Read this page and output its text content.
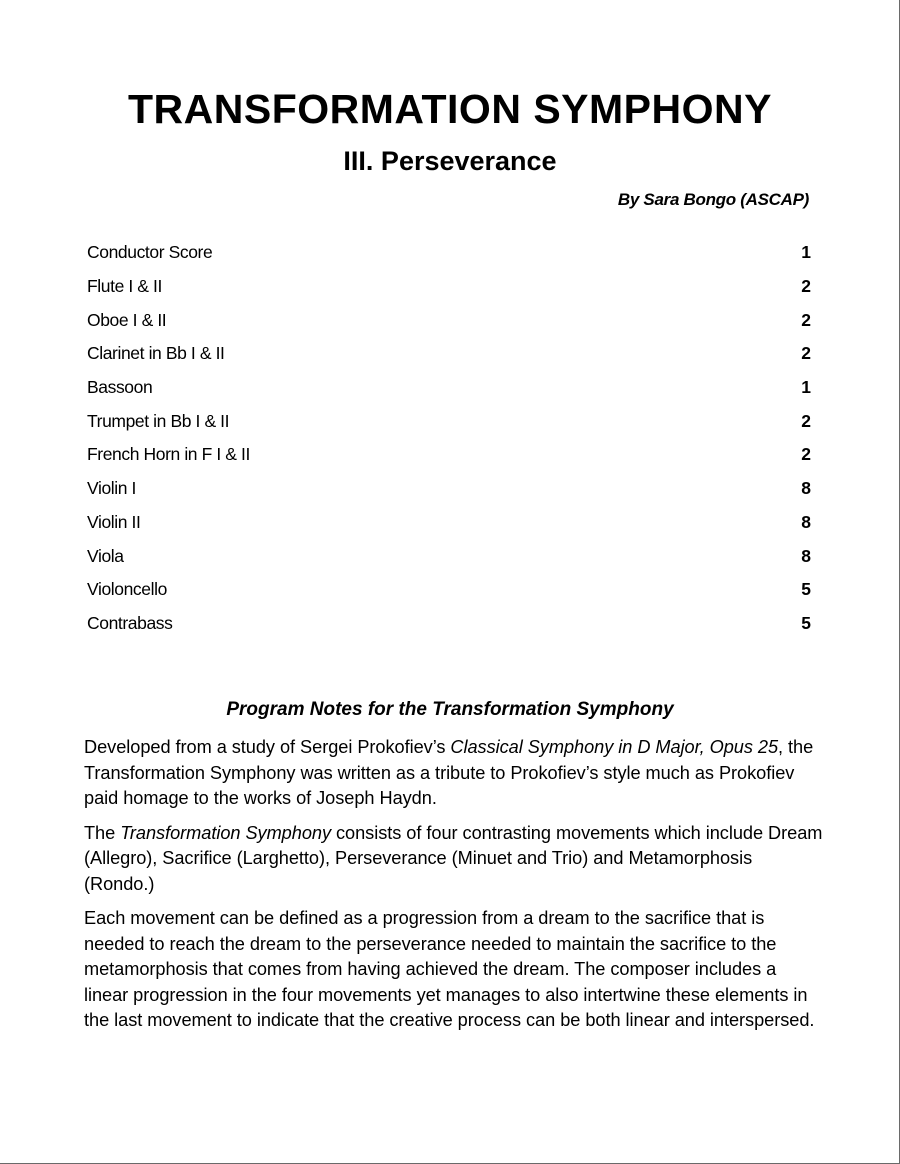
TRANSFORMATION SYMPHONY
III. Perseverance
By Sara Bongo (ASCAP)
Conductor Score	1
Flute I & II	2
Oboe I & II	2
Clarinet in Bb I & II	2
Bassoon	1
Trumpet in Bb I & II	2
French Horn in F I & II	2
Violin I	8
Violin II	8
Viola	8
Violoncello	5
Contrabass	5
Program Notes for the Transformation Symphony

Developed from a study of Sergei Prokofiev’s Classical Symphony in D Major, Opus 25, the Transformation Symphony was written as a tribute to Prokofiev’s style much as Prokofiev paid homage to the works of Joseph Haydn.

The Transformation Symphony consists of four contrasting movements which include Dream (Allegro), Sacrifice (Larghetto), Perseverance (Minuet and Trio) and Metamorphosis (Rondo.)

Each movement can be defined as a progression from a dream to the sacrifice that is needed to reach the dream to the perseverance needed to maintain the sacrifice to the metamorphosis that comes from having achieved the dream. The composer includes a linear progression in the four movements yet manages to also intertwine these elements in the last movement to indicate that the creative process can be both linear and interspersed.
